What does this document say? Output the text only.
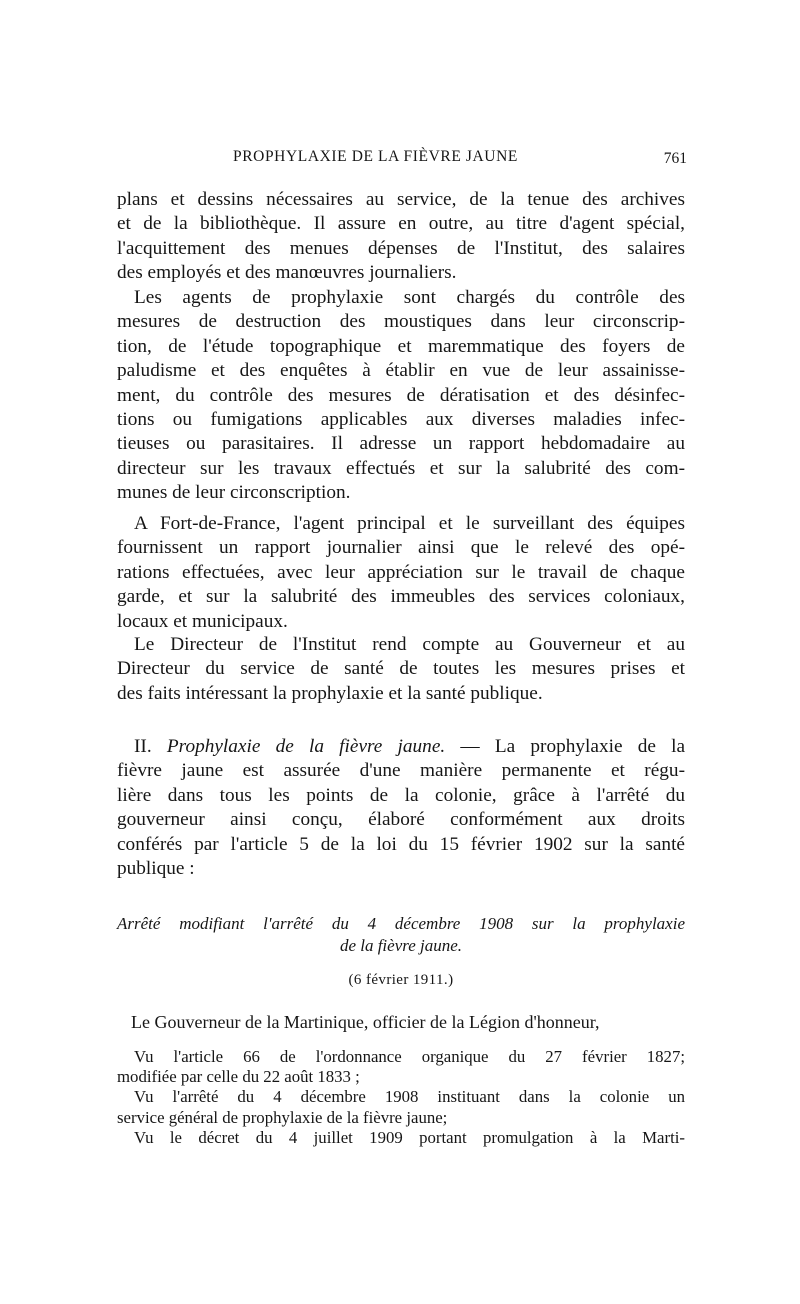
PROPHYLAXIE DE LA FIÈVRE JAUNE	761
plans et dessins nécessaires au service, de la tenue des archives
et de la bibliothèque. Il assure en outre, au titre d'agent spécial,
l'acquittement des menues dépenses de l'Institut, des salaires
des employés et des manœuvres journaliers.
Les agents de prophylaxie sont chargés du contrôle des
mesures de destruction des moustiques dans leur circonscrip-
tion, de l'étude topographique et maremmatique des foyers de
paludisme et des enquêtes à établir en vue de leur assainisse-
ment, du contrôle des mesures de dératisation et des désinfec-
tions ou fumigations applicables aux diverses maladies infec-
tieuses ou parasitaires. Il adresse un rapport hebdomadaire au
directeur sur les travaux effectués et sur la salubrité des com-
munes de leur circonscription.
A Fort-de-France, l'agent principal et le surveillant des équipes
fournissent un rapport journalier ainsi que le relevé des opé-
rations effectuées, avec leur appréciation sur le travail de chaque
garde, et sur la salubrité des immeubles des services coloniaux,
locaux et municipaux.
Le Directeur de l'Institut rend compte au Gouverneur et au
Directeur du service de santé de toutes les mesures prises et
des faits intéressant la prophylaxie et la santé publique.
II. Prophylaxie de la fièvre jaune. — La prophylaxie de la
fièvre jaune est assurée d'une manière permanente et régu-
lière dans tous les points de la colonie, grâce à l'arrêté du
gouverneur ainsi conçu, élaboré conformément aux droits
conférés par l'article 5 de la loi du 15 février 1902 sur la santé
publique :
Arrêté modifiant l'arrêté du 4 décembre 1908 sur la prophylaxie
de la fièvre jaune.
(6 février 1911.)
Le Gouverneur de la Martinique, officier de la Légion d'honneur,
Vu l'article 66 de l'ordonnance organique du 27 février 1827;
modifiée par celle du 22 août 1833 ;
Vu l'arrêté du 4 décembre 1908 instituant dans la colonie un
service général de prophylaxie de la fièvre jaune;
Vu le décret du 4 juillet 1909 portant promulgation à la Marti-
